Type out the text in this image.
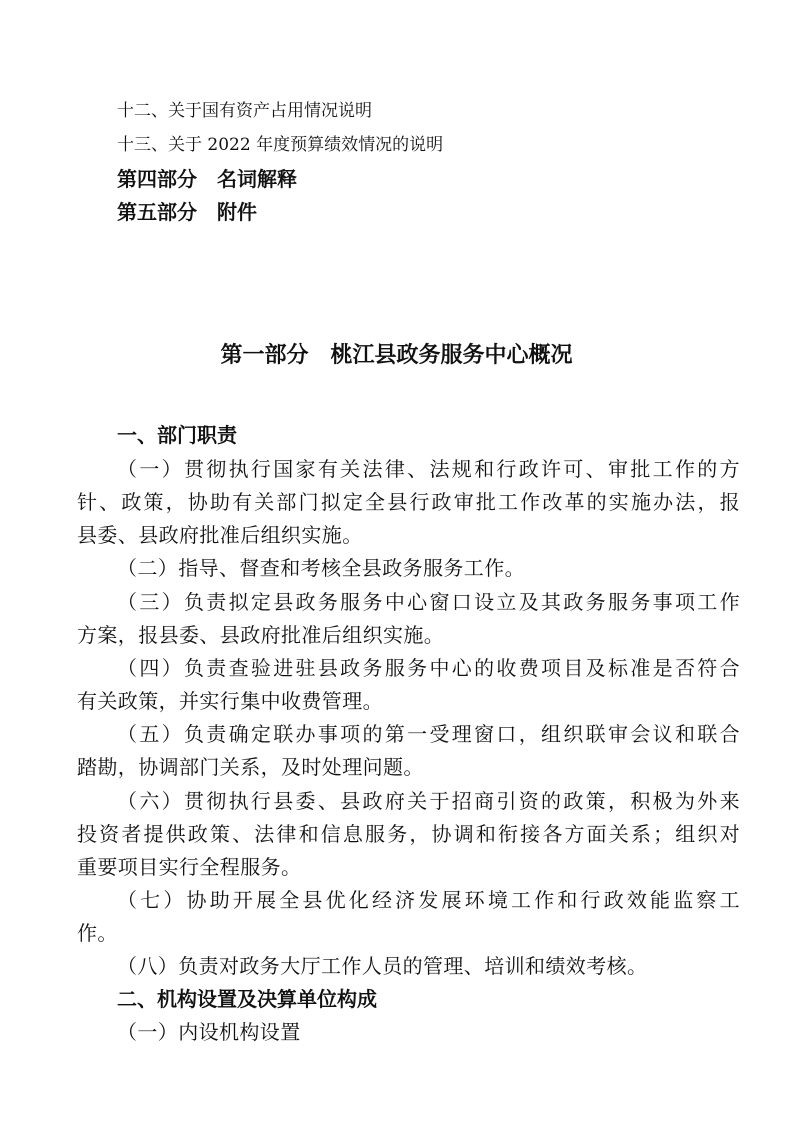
十二、关于国有资产占用情况说明
十三、关于 2022 年度预算绩效情况的说明
第四部分　名词解释
第五部分　附件
第一部分　桃江县政务服务中心概况
一、部门职责
（一）贯彻执行国家有关法律、法规和行政许可、审批工作的方
针、政策，协助有关部门拟定全县行政审批工作改革的实施办法，报
县委、县政府批准后组织实施。
（二）指导、督查和考核全县政务服务工作。
（三）负责拟定县政务服务中心窗口设立及其政务服务事项工作
方案，报县委、县政府批准后组织实施。
（四）负责查验进驻县政务服务中心的收费项目及标准是否符合
有关政策，并实行集中收费管理。
（五）负责确定联办事项的第一受理窗口，组织联审会议和联合
踏勘，协调部门关系，及时处理问题。
（六）贯彻执行县委、县政府关于招商引资的政策，积极为外来
投资者提供政策、法律和信息服务，协调和衔接各方面关系；组织对
重要项目实行全程服务。
（七）协助开展全县优化经济发展环境工作和行政效能监察工
作。
（八）负责对政务大厅工作人员的管理、培训和绩效考核。
二、机构设置及决算单位构成
（一）内设机构设置
